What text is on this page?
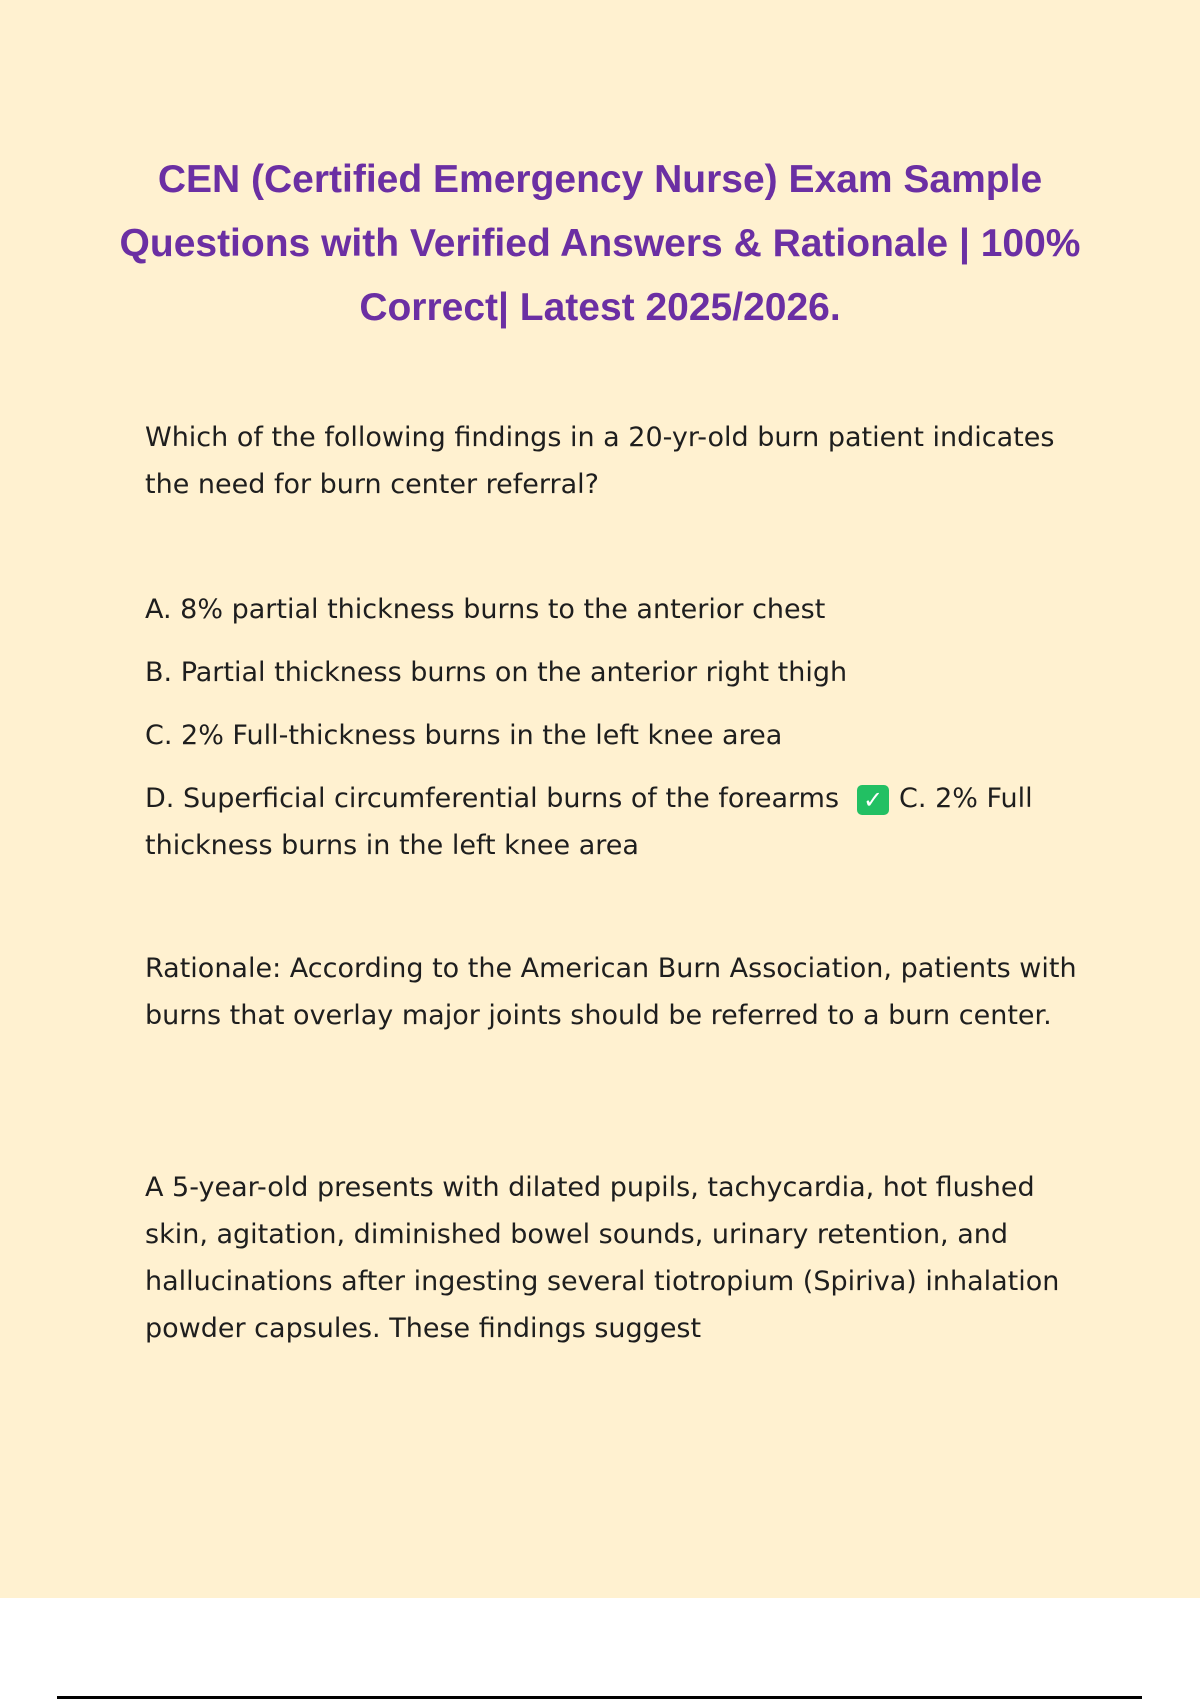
CEN (Certified Emergency Nurse) Exam Sample Questions with Verified Answers & Rationale | 100% Correct| Latest 2025/2026.
Which of the following findings in a 20-yr-old burn patient indicates the need for burn center referral?
A. 8% partial thickness burns to the anterior chest
B. Partial thickness burns on the anterior right thigh
C. 2% Full-thickness burns in the left knee area
D. Superficial circumferential burns of the forearms ✓ C. 2% Full thickness burns in the left knee area
Rationale: According to the American Burn Association, patients with burns that overlay major joints should be referred to a burn center.
A 5-year-old presents with dilated pupils, tachycardia, hot flushed skin, agitation, diminished bowel sounds, urinary retention, and hallucinations after ingesting several tiotropium (Spiriva) inhalation powder capsules. These findings suggest
